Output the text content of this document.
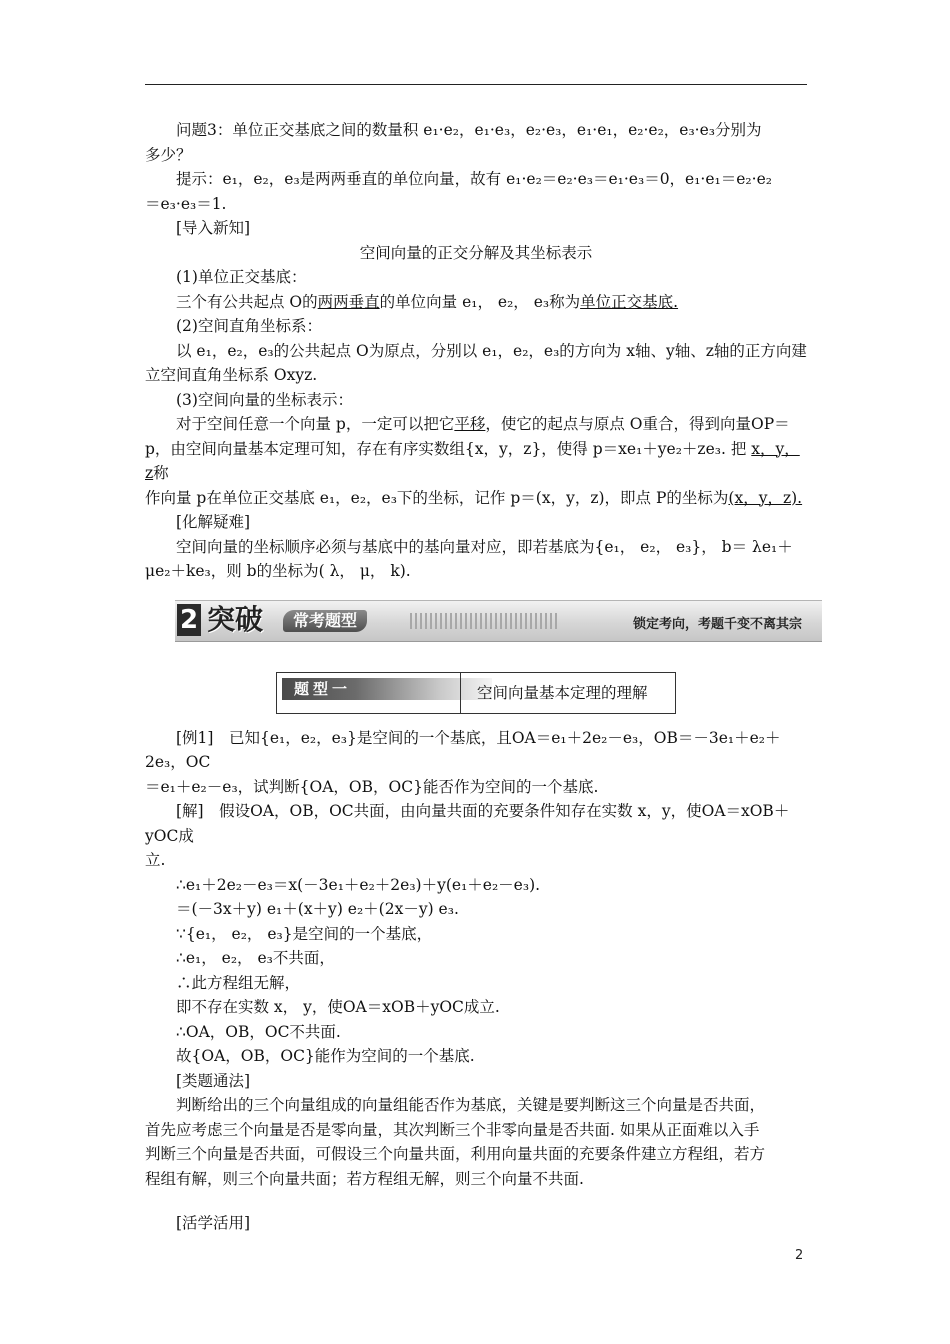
问题3：单位正交基底之间的数量积 e₁·e₂，e₁·e₃，e₂·e₃，e₁·e₁，e₂·e₂，e₃·e₃分别为

多少？

提示：e₁，e₂，e₃是两两垂直的单位向量，故有 e₁·e₂＝e₂·e₃＝e₁·e₃＝0，e₁·e₁＝e₂·e₂

＝e₃·e₃＝1.

[导入新知]

空间向量的正交分解及其坐标表示

(1)单位正交基底：

三个有公共起点 O的两两垂直的单位向量 e₁， e₂， e₃称为单位正交基底.

(2)空间直角坐标系：

以 e₁，e₂，e₃的公共起点 O为原点，分别以 e₁，e₂，e₃的方向为 x轴、y轴、z轴的正方向建

立空间直角坐标系 Oxyz.

(3)空间向量的坐标表示：

对于空间任意一个向量 p，一定可以把它平移，使它的起点与原点 O重合，得到向量OP＝

p，由空间向量基本定理可知，存在有序实数组{x，y，z}，使得 p＝xe₁＋ye₂＋ze₃. 把 x，y，z称

作向量 p在单位正交基底 e₁，e₂，e₃下的坐标，记作 p＝(x，y，z)，即点 P的坐标为(x，y，z).

[化解疑难]

空间向量的坐标顺序必须与基底中的基向量对应，即若基底为{e₁， e₂， e₃}， b＝ λe₁＋

μe₂＋ke₃，则 b的坐标为( λ， μ， k).

2 突破	常考题型	锁定考向，考题千变不离其宗
题型一	空间向量基本定理的理解

[例1]　已知{e₁，e₂，e₃}是空间的一个基底，且OA＝e₁＋2e₂－e₃，OB＝－3e₁＋e₂＋2e₃，OC

＝e₁＋e₂－e₃，试判断{OA，OB，OC}能否作为空间的一个基底.

[解]　假设OA，OB，OC共面，由向量共面的充要条件知存在实数 x，y，使OA＝xOB＋yOC成

立.

∴e₁＋2e₂－e₃＝x(－3e₁＋e₂＋2e₃)＋y(e₁＋e₂－e₃).

＝(－3x＋y) e₁＋(x＋y) e₂＋(2x－y) e₃.

∵{e₁， e₂， e₃}是空间的一个基底，

∴e₁， e₂， e₃不共面，

∴此方程组无解，

即不存在实数 x， y，使OA＝xOB＋yOC成立.

∴OA，OB，OC不共面.

故{OA，OB，OC}能作为空间的一个基底.

[类题通法]

判断给出的三个向量组成的向量组能否作为基底，关键是要判断这三个向量是否共面，

首先应考虑三个向量是否是零向量，其次判断三个非零向量是否共面. 如果从正面难以入手

判断三个向量是否共面，可假设三个向量共面，利用向量共面的充要条件建立方程组，若方

程组有解，则三个向量共面；若方程组无解，则三个向量不共面.

[活学活用]

2
